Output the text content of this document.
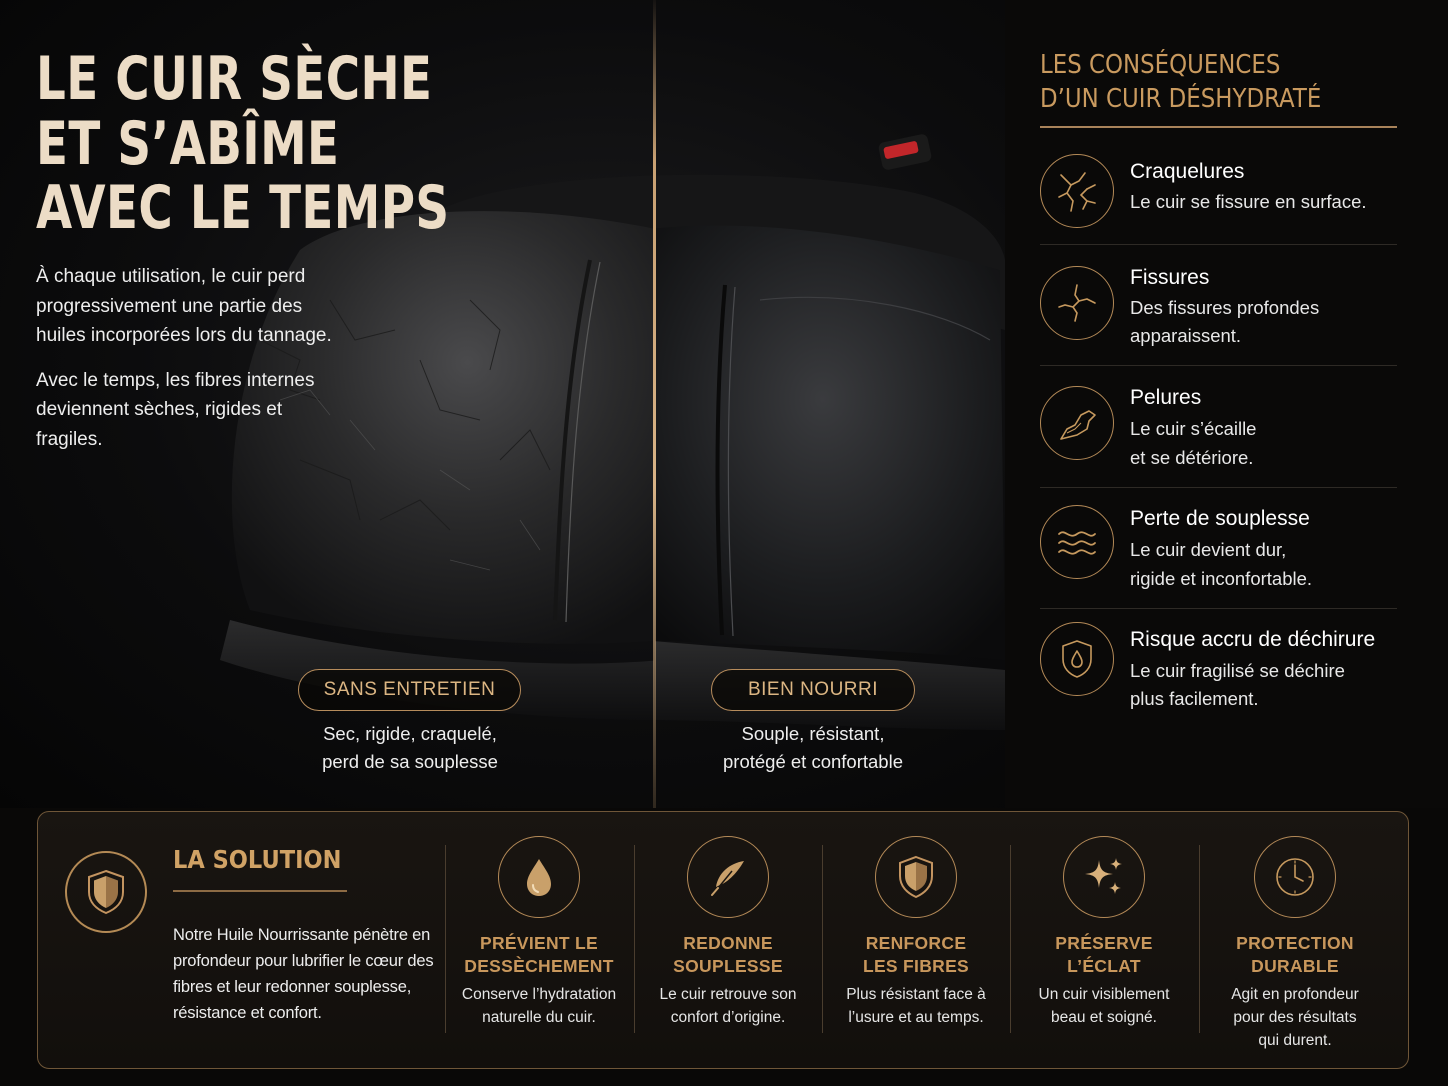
LE CUIR SÈCHE
ET S’ABÎME
AVEC LE TEMPS

À chaque utilisation, le cuir perd progressivement une partie des huiles incorporées lors du tannage.

Avec le temps, les fibres internes deviennent sèches, rigides et fragiles.

SANS ENTRETIEN
Sec, rigide, craquelé,
perd de sa souplesse
BIEN NOURRI
Souple, résistant,
protégé et confortable
LES CONSÉQUENCES
D’UN CUIR DÉSHYDRATÉ
Craquelures
Le cuir se fissure en surface.
Fissures
Des fissures profondes
apparaissent.
Pelures
Le cuir s’écaille
et se détériore.
Perte de souplesse
Le cuir devient dur,
rigide et inconfortable.
Risque accru de déchirure
Le cuir fragilisé se déchire
plus facilement.
LA SOLUTION
Notre Huile Nourrissante pénètre en profondeur pour lubrifier le cœur des fibres et leur redonner souplesse, résistance et confort.
PRÉVIENT LE
DESSÈCHEMENT
Conserve l’hydratation
naturelle du cuir.
REDONNE
SOUPLESSE
Le cuir retrouve son
confort d’origine.
RENFORCE
LES FIBRES
Plus résistant face à
l’usure et au temps.
PRÉSERVE
L’ÉCLAT
Un cuir visiblement
beau et soigné.
PROTECTION
DURABLE
Agit en profondeur
pour des résultats
qui durent.
